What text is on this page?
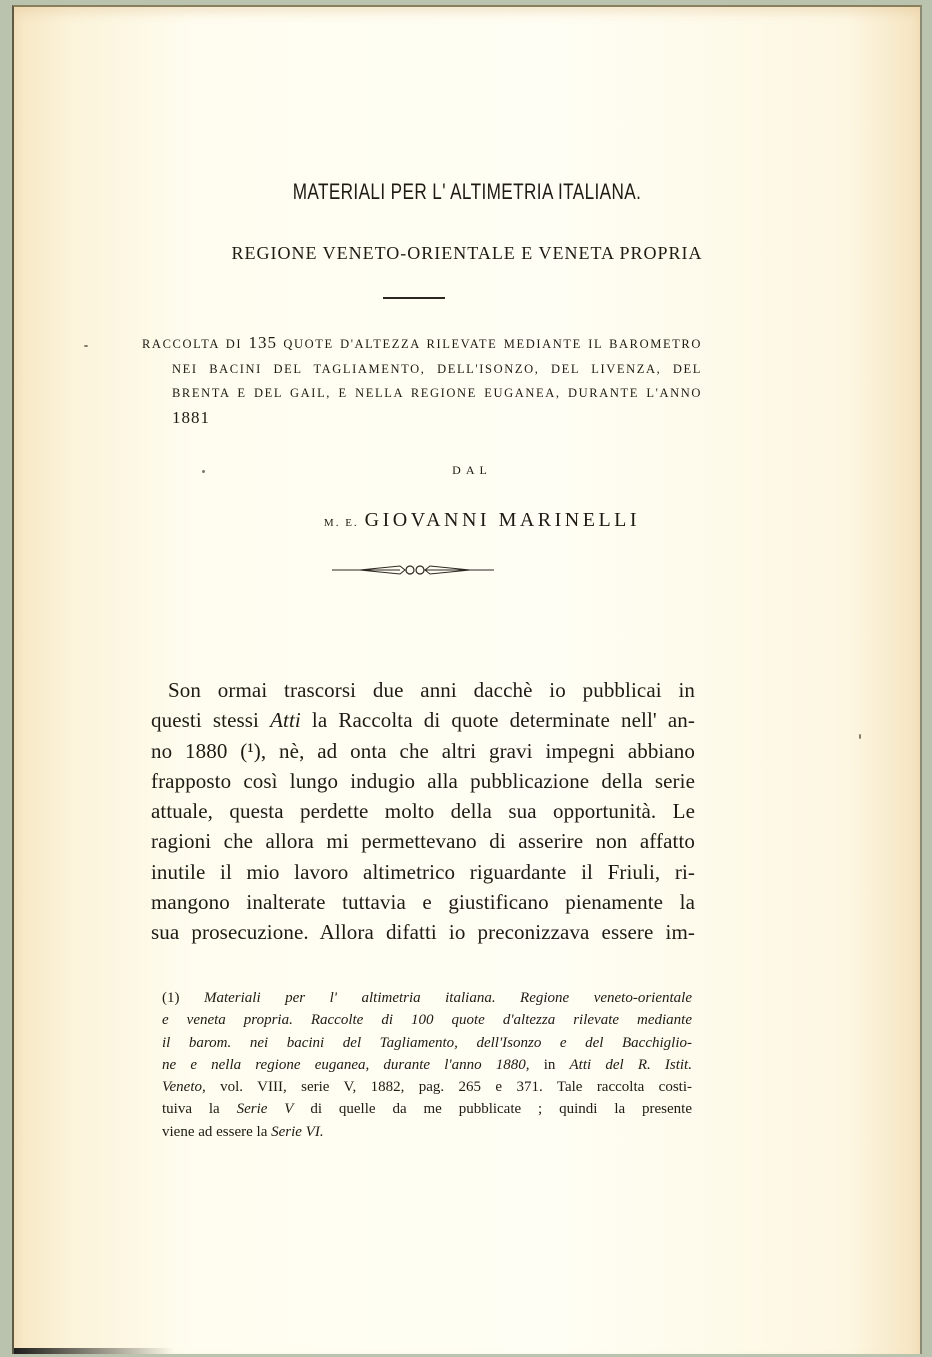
MATERIALI PER L' ALTIMETRIA ITALIANA.
REGIONE VENETO-ORIENTALE E VENETA PROPRIA
RACCOLTA DI 135 QUOTE D'ALTEZZA RILEVATE MEDIANTE IL BAROMETRO NEI BACINI DEL TAGLIAMENTO, DELL'ISONZO, DEL LIVENZA, DEL BRENTA E DEL GAIL, E NELLA REGIONE EUGANEA, DURANTE L'ANNO 1881
DAL
M. E. GIOVANNI MARINELLI
Son ormai trascorsi due anni dacchè io pubblicai in
questi stessi Atti la Raccolta di quote determinate nell' an-
no 1880 (¹), nè, ad onta che altri gravi impegni abbiano
frapposto così lungo indugio alla pubblicazione della serie
attuale, questa perdette molto della sua opportunità. Le
ragioni che allora mi permettevano di asserire non affatto
inutile il mio lavoro altimetrico riguardante il Friuli, ri-
mangono inalterate tuttavia e giustificano pienamente la
sua prosecuzione. Allora difatti io preconizzava essere im-
(1) Materiali per l' altimetria italiana. Regione veneto-orientale
e veneta propria. Raccolte di 100 quote d'altezza rilevate mediante
il barom. nei bacini del Tagliamento, dell'Isonzo e del Bacchiglio-
ne e nella regione euganea, durante l'anno 1880, in Atti del R. Istit.
Veneto, vol. VIII, serie V, 1882, pag. 265 e 371. Tale raccolta costi-
tuiva la Serie V di quelle da me pubblicate ; quindi la presente
viene ad essere la Serie VI.
